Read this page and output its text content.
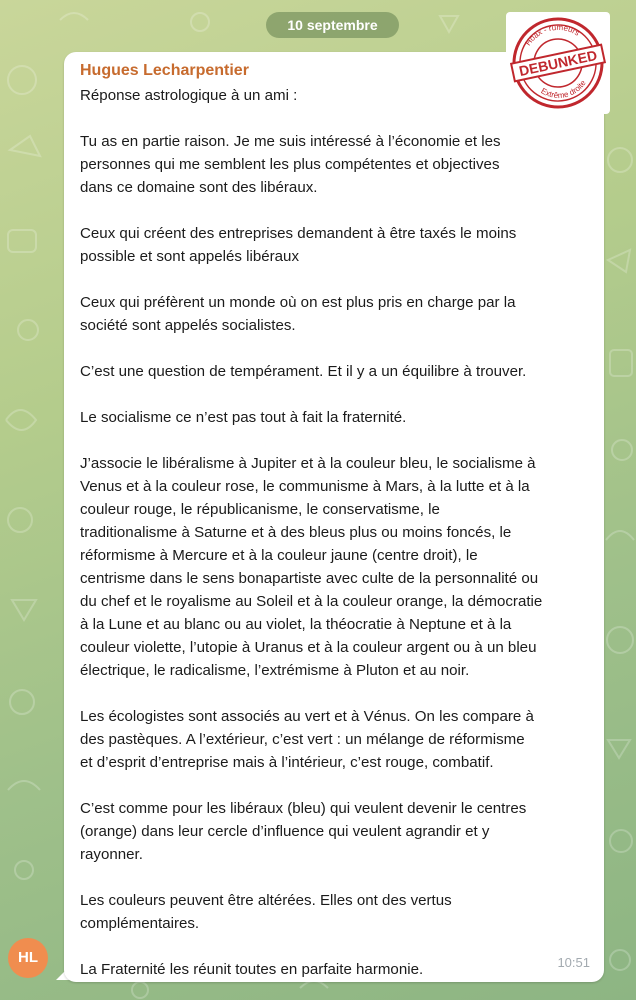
10 septembre
HL
Hugues Lecharpentier

Réponse astrologique à un ami :

Tu as en partie raison. Je me suis intéressé à l’économie et les
personnes qui me semblent les plus compétentes et objectives
dans ce domaine sont des libéraux.

Ceux qui créent des entreprises demandent à être taxés le moins
possible et sont appelés libéraux

Ceux qui préfèrent un monde où on est plus pris en charge par la
société sont appelés socialistes.

C’est une question de tempérament. Et il y a un équilibre à trouver.

Le socialisme ce n’est pas tout à fait la fraternité.

J’associe le libéralisme à Jupiter et à la couleur bleu, le socialisme à
Venus et à la couleur rose, le communisme à Mars, à la lutte et à la
couleur rouge, le républicanisme, le conservatisme, le
traditionalisme à Saturne et à des bleus plus ou moins foncés, le
réformisme à Mercure et à la couleur jaune (centre droit), le
centrisme dans le sens bonapartiste avec culte de la personnalité ou
du chef et le royalisme au Soleil et à la couleur orange, la démocratie
à la Lune et au blanc ou au violet, la théocratie à Neptune et à la
couleur violette, l’utopie à Uranus et à la couleur argent ou à un bleu
électrique, le radicalisme, l’extrémisme à Pluton et au noir.

Les écologistes sont associés au vert et à Vénus. On les compare à
des pastèques. A l’extérieur, c’est vert : un mélange de réformisme
et d’esprit d’entreprise mais à l’intérieur, c’est rouge, combatif.

C’est comme pour les libéraux (bleu) qui veulent devenir le centres
(orange) dans leur cercle d’influence qui veulent agrandir et y
rayonner.

Les couleurs peuvent être altérées. Elles ont des vertus
complémentaires.

La Fraternité les réunit toutes en parfaite harmonie.	10:51
Hoax - rumeurs
Extrême droite
DEBUNKED
